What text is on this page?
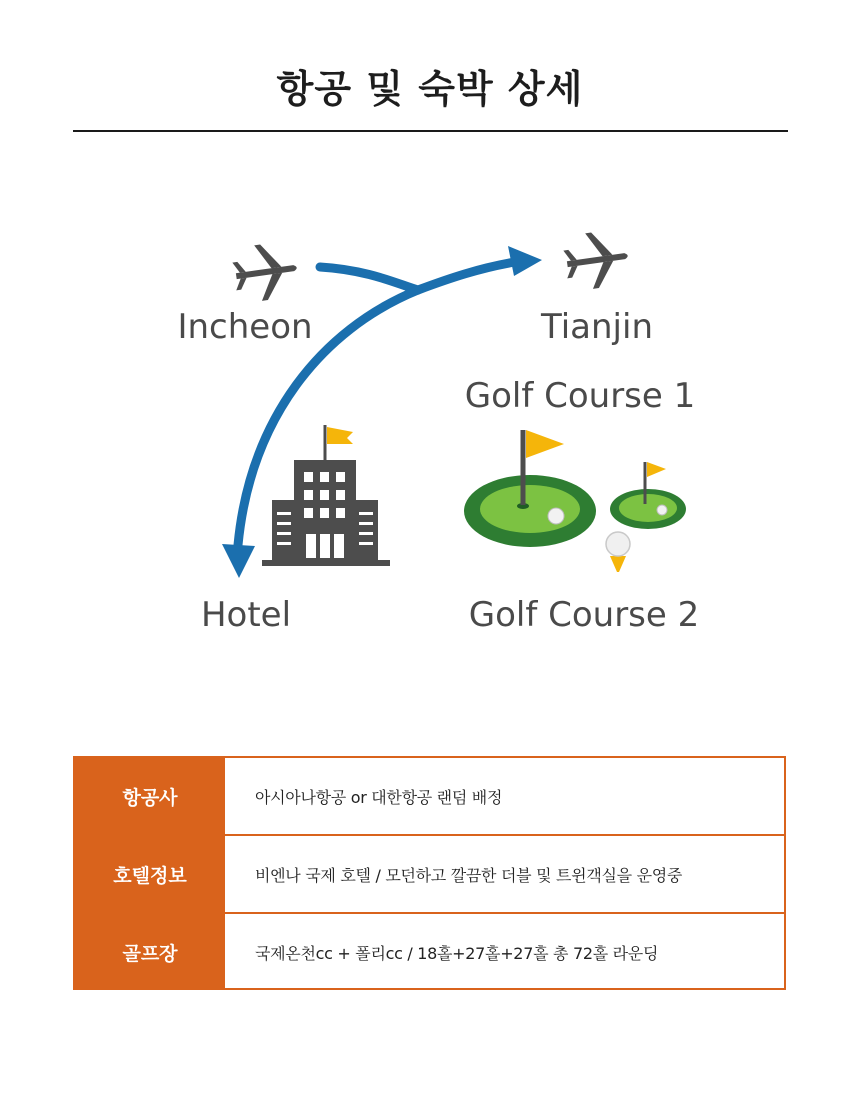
항공 및 숙박 상세
Incheon	Tianjin
Golf Course 1
Hotel	Golf Course 2
항공사	아시아나항공 or 대한항공 랜덤 배정
호텔정보	비엔나 국제 호텔 / 모던하고 깔끔한 더블 및 트윈객실을 운영중
골프장	국제온천cc + 폴리cc / 18홀+27홀+27홀 총 72홀 라운딩
